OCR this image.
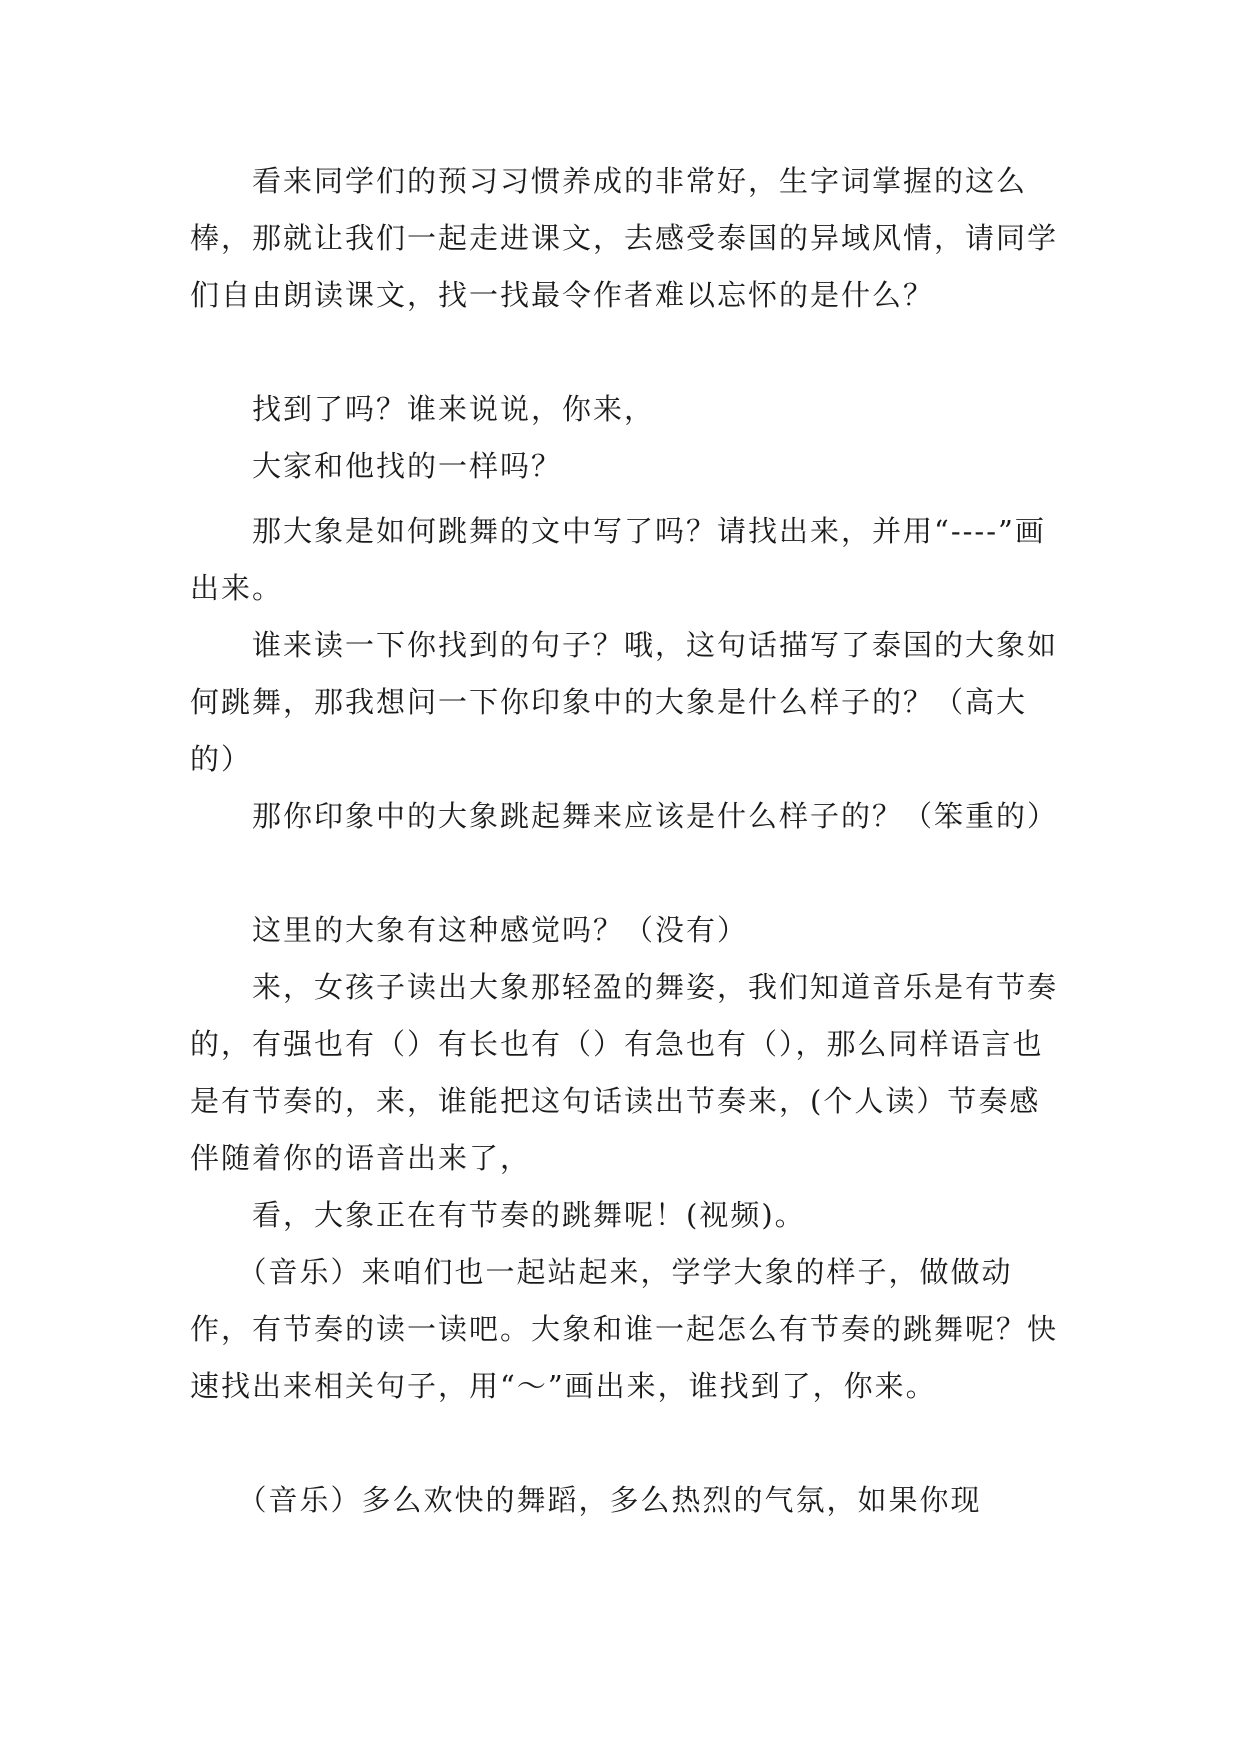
　　看来同学们的预习习惯养成的非常好，生字词掌握的这么棒，那就让我们一起走进课文，去感受泰国的异域风情，请同学们自由朗读课文，找一找最令作者难以忘怀的是什么？

　　找到了吗？谁来说说，你来，

　　大家和他找的一样吗？

　　那大象是如何跳舞的文中写了吗？请找出来，并用“----”画出来。

　　谁来读一下你找到的句子？哦，这句话描写了泰国的大象如何跳舞，那我想问一下你印象中的大象是什么样子的？（高大的）

　　那你印象中的大象跳起舞来应该是什么样子的？（笨重的）

　　这里的大象有这种感觉吗？（没有）

　　来，女孩子读出大象那轻盈的舞姿，我们知道音乐是有节奏的，有强也有（）有长也有（）有急也有（），那么同样语言也是有节奏的，来，谁能把这句话读出节奏来，(个人读）节奏感伴随着你的语音出来了，

　　看，大象正在有节奏的跳舞呢！(视频)。

　　（音乐）来咱们也一起站起来，学学大象的样子，做做动作，有节奏的读一读吧。大象和谁一起怎么有节奏的跳舞呢？快速找出来相关句子，用“～”画出来，谁找到了，你来。

　　（音乐）多么欢快的舞蹈，多么热烈的气氛，如果你现
